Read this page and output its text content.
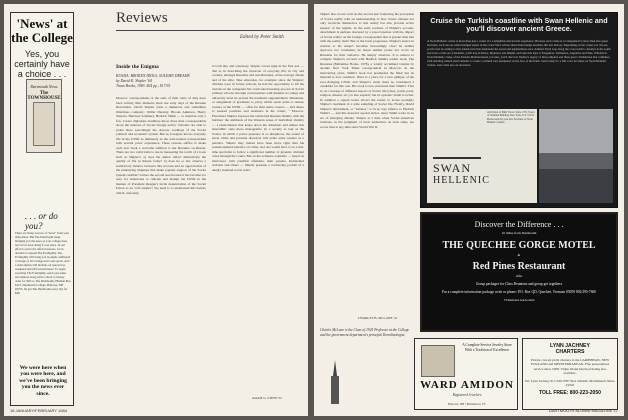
'News' at the College
Yes, you certainly have a choice . . .
Dartmouth News
The TOWNHOUSE
. . . or do you?
There are many sources of "news" from your alma mater. But The Dartmouth treats bringing you the news as your college does, and we've been doing it ever since. In our effort to serve the official reasons, we've decided to expand The Formightly. The Formightly will bring you in-depth, unfiltered coverage of all College news and sports. And a subscription will include our special top weekend and fall football issues. To begin receiving The Formightly, send your name and address along with a check or money order for $20 to: The Dartmouth, Hinman Box 6175, Dartmouth College, Hanover, NH 03755. Or get The Dartmouth every day for $36.
We were here when you were here, and we've been bringing you the news ever since.
Reviews
Edited by Peter Smith
Inside the Enigma
RUSSIA: BROKEN IDOLS, SOLEMN DREAMS
by David K. Shipler '64
Times Books, 1983. 404 pp., $17.95

Moscow correspondents at the ends of their tours of duty have been writing their memoirs since the early days of the Russian Revolution. David Shipler joins a numerous and sometimes illustrious company: Walter Duranty, Brooks Atkinson, Henry Shapiro, Harrison Salisbury, Hedrick Smith — to mention only a few. Career diplomats doubtless know more than correspondents about the nuances of Soviet foreign policy. Scholars are able to probe more searchingly the obscure workings of the Soviet political and economic system. But no foreigner knows everyday life in the USSR as intimately as the well-trained correspondent with several years' experience. These reasons suffice to make each new book a welcome addition to the literature on Russia. There are two valid traits to use in measuring the worth of a book such as Shipler's: a) does the author reflect distinctively the quality of life in Russia today? b) does he or she observe a satisfactory balance between this account and an appreciation of the underlying impulses that make popular support of the Soviet system credible? Letters the second test because it has become too easy for Americans to ridicule and malign the USSR in the manner of President Reagan's facile denunciation of the Soviet Union as an "evil empire"; the need is to understand this nation, which, curiously,

is both ally and adversary. Shipler scores high in the first test — that is, in describing the character of everyday life, in city and country, amongst Russians and non-Russians, of the average citizen and of the elite. Take education, for example: since the Shiplers' children were in Soviet schools, he had the opportunity to lift the curtain on the competent but overlooked learning process in Soviet primary schools, through conversations with students at college and university level he probed the traumatic engenderment: lithuanian, or assignment of graduates to jobs), which sends some to remote corners of the USSR — often for their entire careers — and others to assured positions and residence in the center, " Moscow. Elsewhere Shipler explores the celebrated Russian identity with the hobbies: the antithesis of the Western sense of individual identity — a phenomenon that keeps down the dissidents and makes this monolithic state more manageable. In a society as taut as the Soviet, in which a police presence is so ubiquitous, the extent of street crime and juvenile disorders will strike some readers as a paradox. Shipler may indeed have been more right than his sensationalized statistics on crime, and one would have to be a full-time specialist to follow a significant number of juvenile criminal cases through the courts. But on the evidence available — based on interviews with youthful offenders, their parents, Komsomol activists and others — Shipler presents a convincing portrait of a deeply troubled social order.

ADAM G. STEIN '52
16 JANUARY/FEBRUARY 1984

Shipler also scores well on the second test: balancing his perception of Soviet reality with an understanding of how Soviet citizens not only reconcile themselves to this reality but also provide active support of the regime. In the early portions of Shipler's account, detachment is perhaps obscured by a preoccupation with the impact of Soviet reality on the foreign correspondent that is greater than that with the reality itself. But as the book progresses, Shipler's stance in relation to his subject becomes increasingly clear: he neither approves nor condemns; he hopes neither praise nor scorn on Russians for their behavior. He simply observes. It is natural to compare Shipler's account with Hedrick Smith's earlier book, The Russians (Ballantine Books, 1976), a widely acclaimed volume by another New York Times correspondent in Moscow. In the intervening years, Smith's book has preempted the field; but its material is now outdated. There is a place for a new glimpse of the ever-changing USSR, and Shipler's study must be considered a candidate for this role. His book is less structured than Smith's. That is, its coverage of different aspects of Soviet life (class, youth, party, religion, dissent, etc.) is less explicit; but its episodic detail is richer. In addition a superb index allows the reader to locate promptly Shipler's treatment of a wide sampling of Soviet life. Finally, David Shipler's detachment, or "balance," is in no way inferior to Hedrick Smith's — and this deserves special notice, since Smith wrote in an era of emerging détente. Shipler at a time when Soviet-American relations, in the judgment of most authorities on both sides, are worse than at any time since World War II.

CHARLES B. MCLANE '41
Charles McLane is the Class of 1925 Professor at the College and the government department's principal Kremlinologist.
Cruise the Turkish coastline with Swan Hellenic and you'll discover ancient Greece.
A Swan Hellenic cruise is more than just a cruise. It's a delightful educational experience. Because each cruise is accompanied by more than five guest lecturers, each one an acknowledged expert in his or her field, whose shared knowledge breathes life into history. Depending on the cruise you choose, you'll even be sailing to tiny island ports that Alexander the Great and Agamemnon once claimed. Each stop along the coast north to Antalya in the south and even on the sea at Istanbul, you'll hop in Delos, Mykonos and Delphi, and take side trips to Pergamon, Termessos, Aspendos and Side. Whichever Swan Hellenic cruise of the Eastern Mediterranean you take, you'll discover Turkey's legacy of three empires and three great civilizations that combines with dazzling natural environments to create a cultural tour unequaled on the face of the Earth. Send today for a full color brochure on Swan Hellenic cruises. And come see our ancestors.
A Division of P&O Travel. Suite 1703, Tower of Terminal Building, New York, N.Y. 10153. Please send me your new brochure on Swan Hellenic Cruises.
SWAN
HELLENIC
Discover the Difference . . .
10 miles from Dartmouth
THE QUECHEE GORGE MOTEL
&
Red Pines Restaurant
offer
Group packages for Class Reunions and group get togethers
For a complete information package write or phone: P.O. Box QD, Quechee, Vermont 05059 802/295-7600
3 Diamond AAA rated
A Complete Service Jewelry Store With a Tradition of Excellence
WARD AMIDON
Registered Jewelers
Hanover, NH • Brattleboro, VT
LYNN JACHNEY
CHARTERS
Private crewed yacht charters in the CARIBBEAN, NEW ENGLAND and MEDITERRANEAN. Fine personalized service since 1968. Virgin Island bareboat listing also available.
Tel: Lynn Jachney 617-639-0787 Box 302AM, Marblehead, Mass. 01945
TOLL FREE: 800-223-2050
DARTMOUTH ALUMNI MAGAZINE 17
